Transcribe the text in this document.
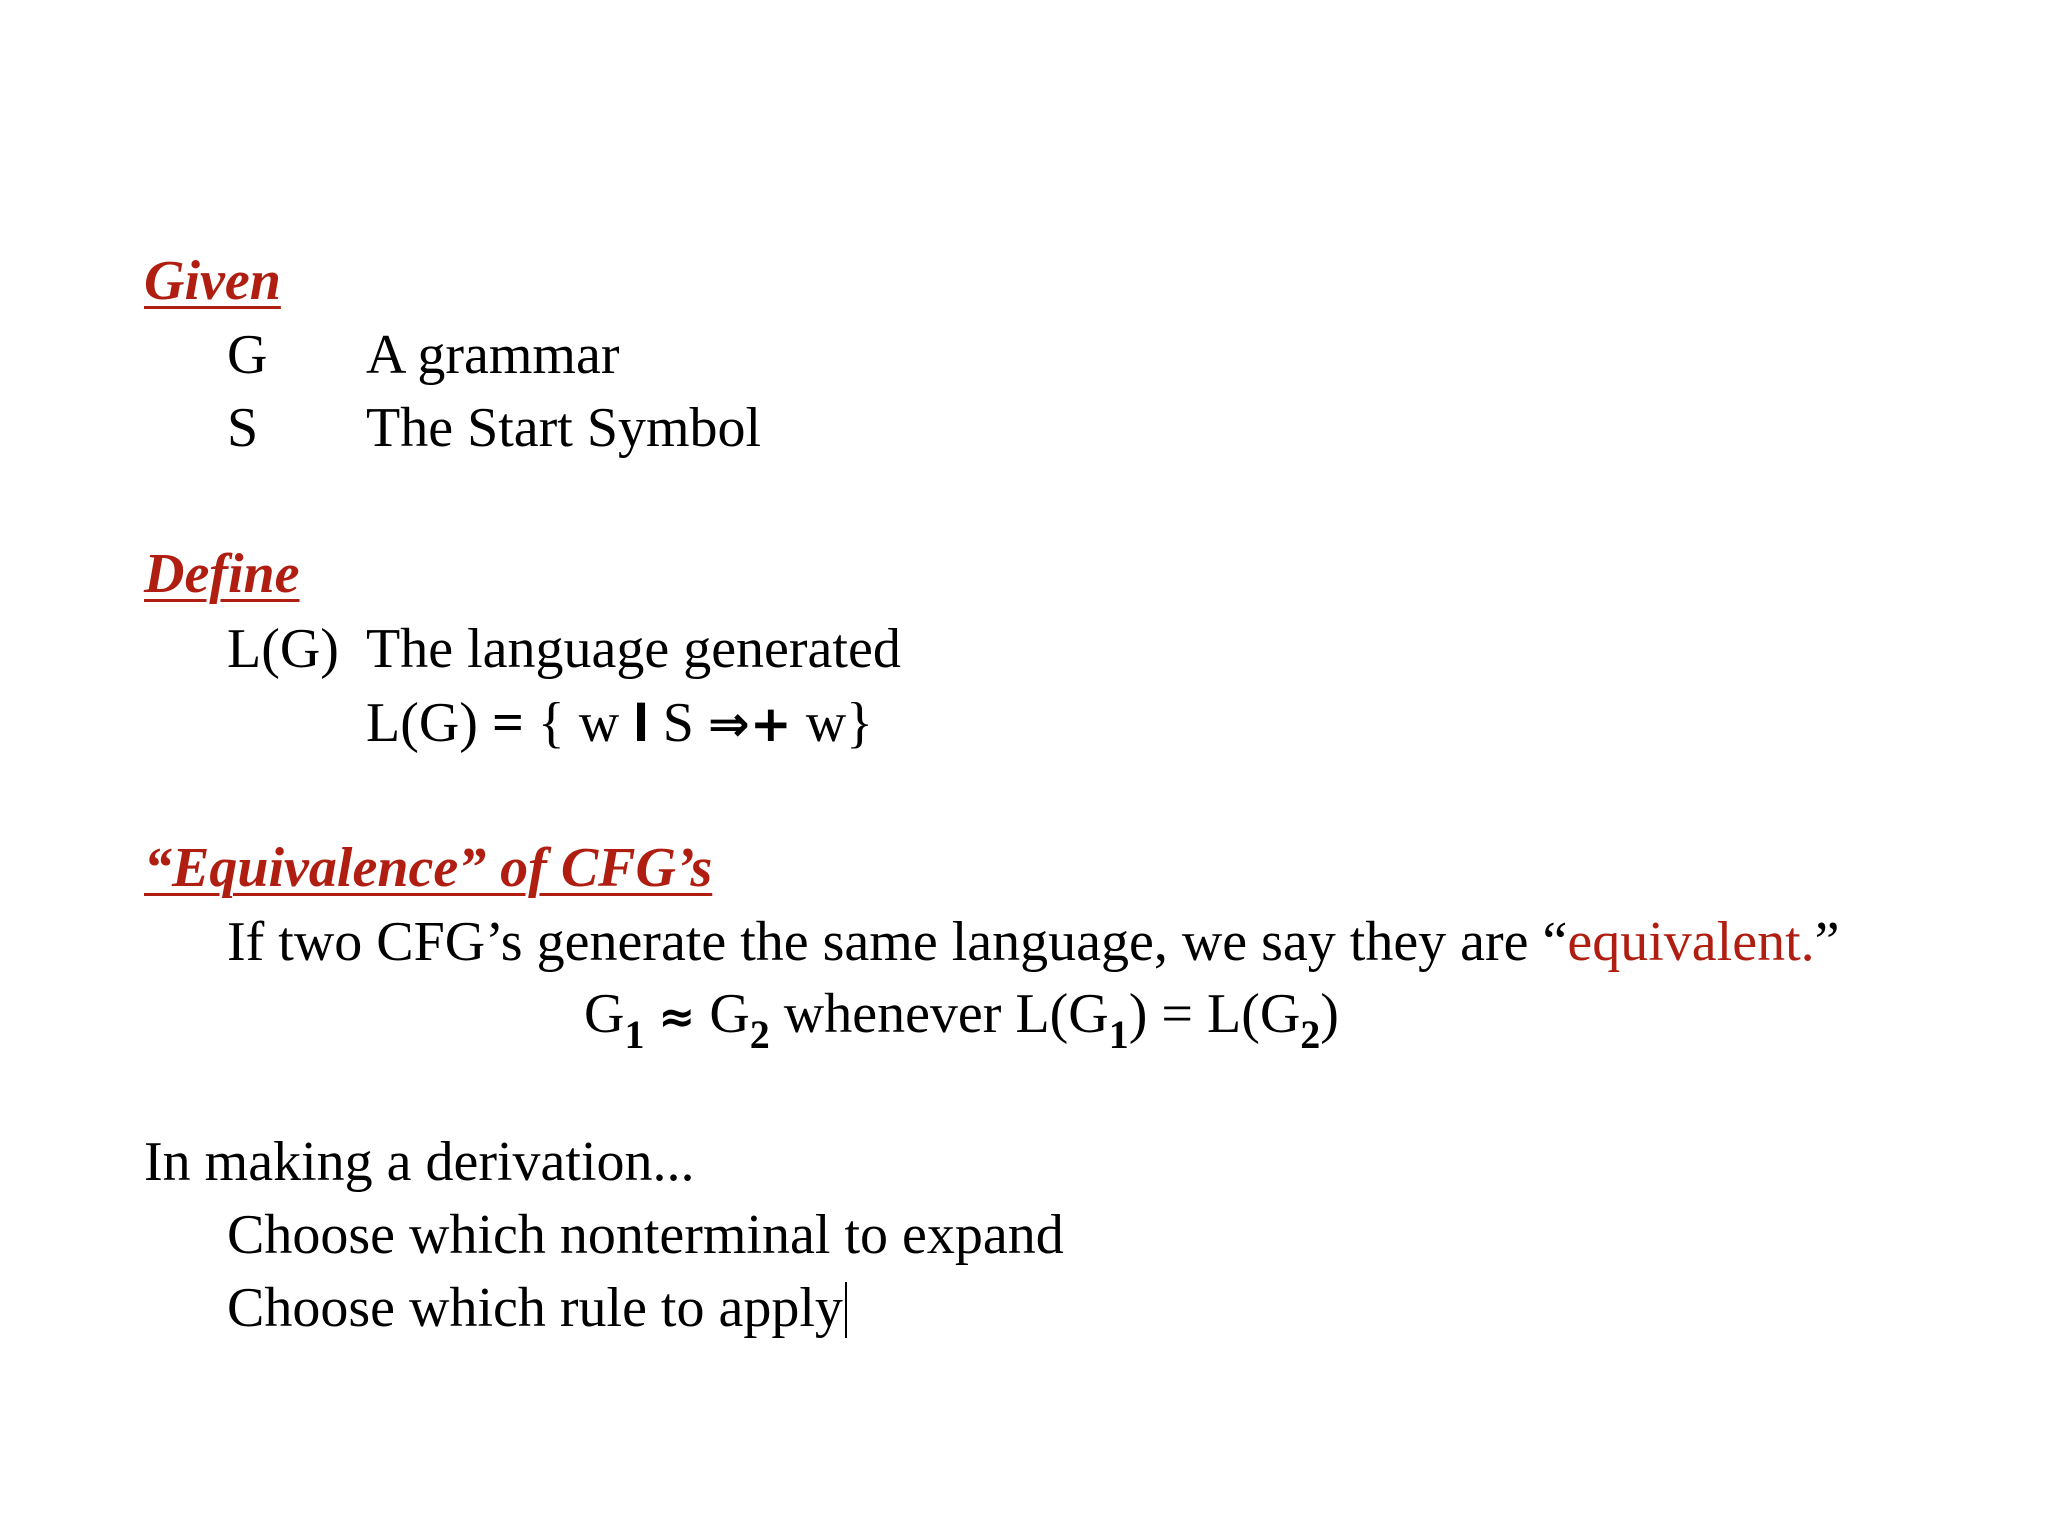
Given
G A grammar
S The Start Symbol
Define
L(G) The language generated
L(G) = { w I S ⇒+ w}
“Equivalence” of CFG’s
If two CFG’s generate the same language, we say they are “equivalent.”
$G_1 \approx G_2$ whenever $L(G_1) = L(G_2)$
In making a derivation...
Choose which nonterminal to expand
Choose which rule to apply
